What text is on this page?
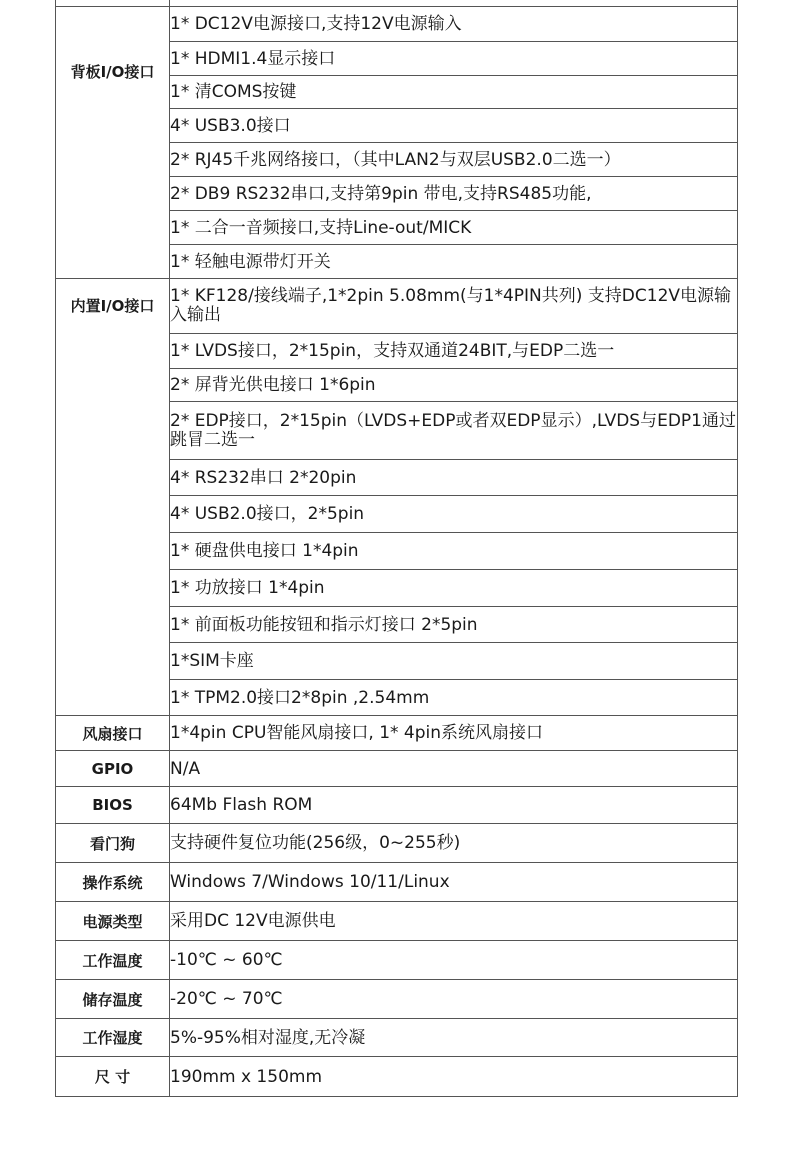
背板I/O接口	1* DC12V电源接口,支持12V电源输入
	1* HDMI1.4显示接口
	1* 清COMS按键
	4* USB3.0接口
	2* RJ45千兆网络接口，（其中LAN2与双层USB2.0二选一）
	2* DB9 RS232串口,支持第9pin 带电,支持RS485功能,
	1* 二合一音频接口,支持Line-out/MICK
	1* 轻触电源带灯开关

内置I/O接口	1* KF128/接线端子,1*2pin 5.08mm(与1*4PIN共列) 支持DC12V电源输入输出
	1* LVDS接口，2*15pin，支持双通道24BIT,与EDP二选一
	2* 屏背光供电接口 1*6pin
	2* EDP接口，2*15pin（LVDS+EDP或者双EDP显示）,LVDS与EDP1通过跳冒二选一
	4* RS232串口 2*20pin
	4* USB2.0接口，2*5pin
	1* 硬盘供电接口 1*4pin
	1* 功放接口 1*4pin
	1* 前面板功能按钮和指示灯接口 2*5pin
	1*SIM卡座
	1* TPM2.0接口2*8pin ,2.54mm
风扇接口	1*4pin CPU智能风扇接口, 1* 4pin系统风扇接口
GPIO	N/A
BIOS	64Mb Flash ROM
看门狗	支持硬件复位功能(256级，0~255秒)
操作系统	Windows 7/Windows 10/11/Linux
电源类型	采用DC 12V电源供电
工作温度	-10℃ ~ 60℃
储存温度	-20℃ ~ 70℃
工作湿度	5%-95%相对湿度,无冷凝
尺 寸	190mm x 150mm
